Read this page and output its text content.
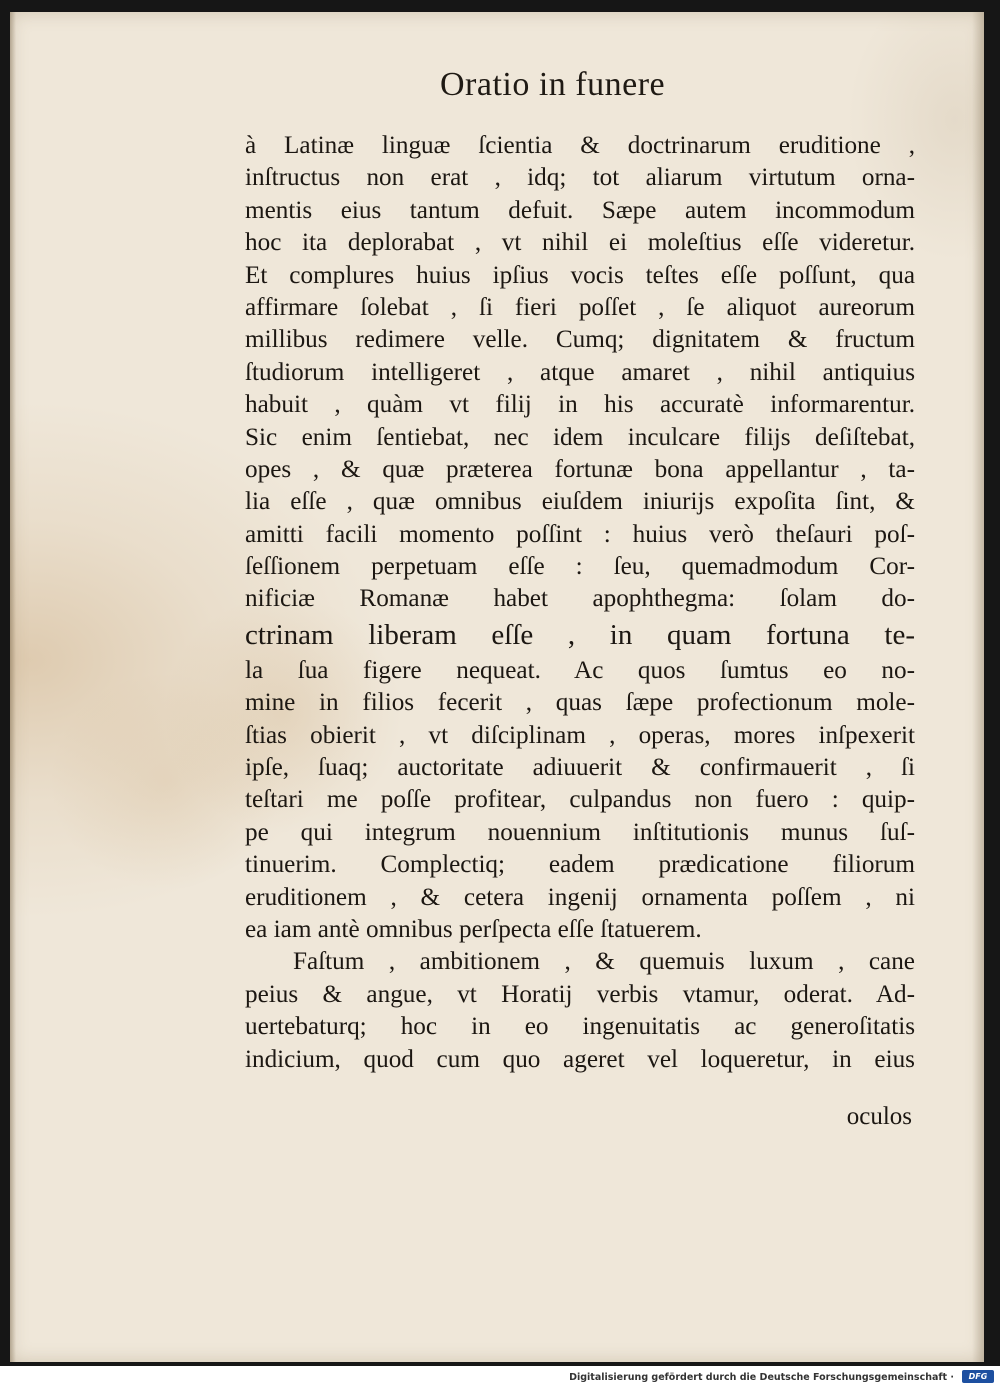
Oratio in funere
à Latinæ linguæ ſcientia & doctrinarum eruditione ,
inſtructus non erat , idq; tot aliarum virtutum orna-
mentis eius tantum defuit. Sæpe autem incommodum
hoc ita deplorabat , vt nihil ei moleſtius eſſe videretur.
Et complures huius ipſius vocis teſtes eſſe poſſunt, qua
affirmare ſolebat , ſi fieri poſſet , ſe aliquot aureorum
millibus redimere velle. Cumq; dignitatem & fructum
ſtudiorum intelligeret , atque amaret , nihil antiquius
habuit , quàm vt filij in his accuratè informarentur.
Sic enim ſentiebat, nec idem inculcare filijs deſiſtebat,
opes , & quæ præterea fortunæ bona appellantur , ta-
lia eſſe , quæ omnibus eiuſdem iniurijs expoſita ſint, &
amitti facili momento poſſint : huius verò theſauri poſ-
ſeſſionem perpetuam eſſe : ſeu, quemadmodum Cor-
nificiæ Romanæ habet apophthegma: ſolam do-
ctrinam liberam eſſe , in quam fortuna te-
la ſua figere nequeat. Ac quos ſumtus eo no-
mine in filios fecerit , quas ſæpe profectionum mole-
ſtias obierit , vt diſciplinam , operas, mores inſpexerit
ipſe, ſuaq; auctoritate adiuuerit & confirmauerit , ſi
teſtari me poſſe profitear, culpandus non fuero : quip-
pe qui integrum nouennium inſtitutionis munus ſuſ-
tinuerim. Complectiq; eadem prædicatione filiorum
eruditionem , & cetera ingenij ornamenta poſſem , ni
ea iam antè omnibus perſpecta eſſe ſtatuerem.
Faſtum , ambitionem , & quemuis luxum , cane
peius & angue, vt Horatij verbis vtamur, oderat. Ad-
uertebaturq; hoc in eo ingenuitatis ac generoſitatis
indicium, quod cum quo ageret vel loqueretur, in eius
oculos
Digitalisierung gefördert durch die Deutsche Forschungsgemeinschaft ·	DFG
